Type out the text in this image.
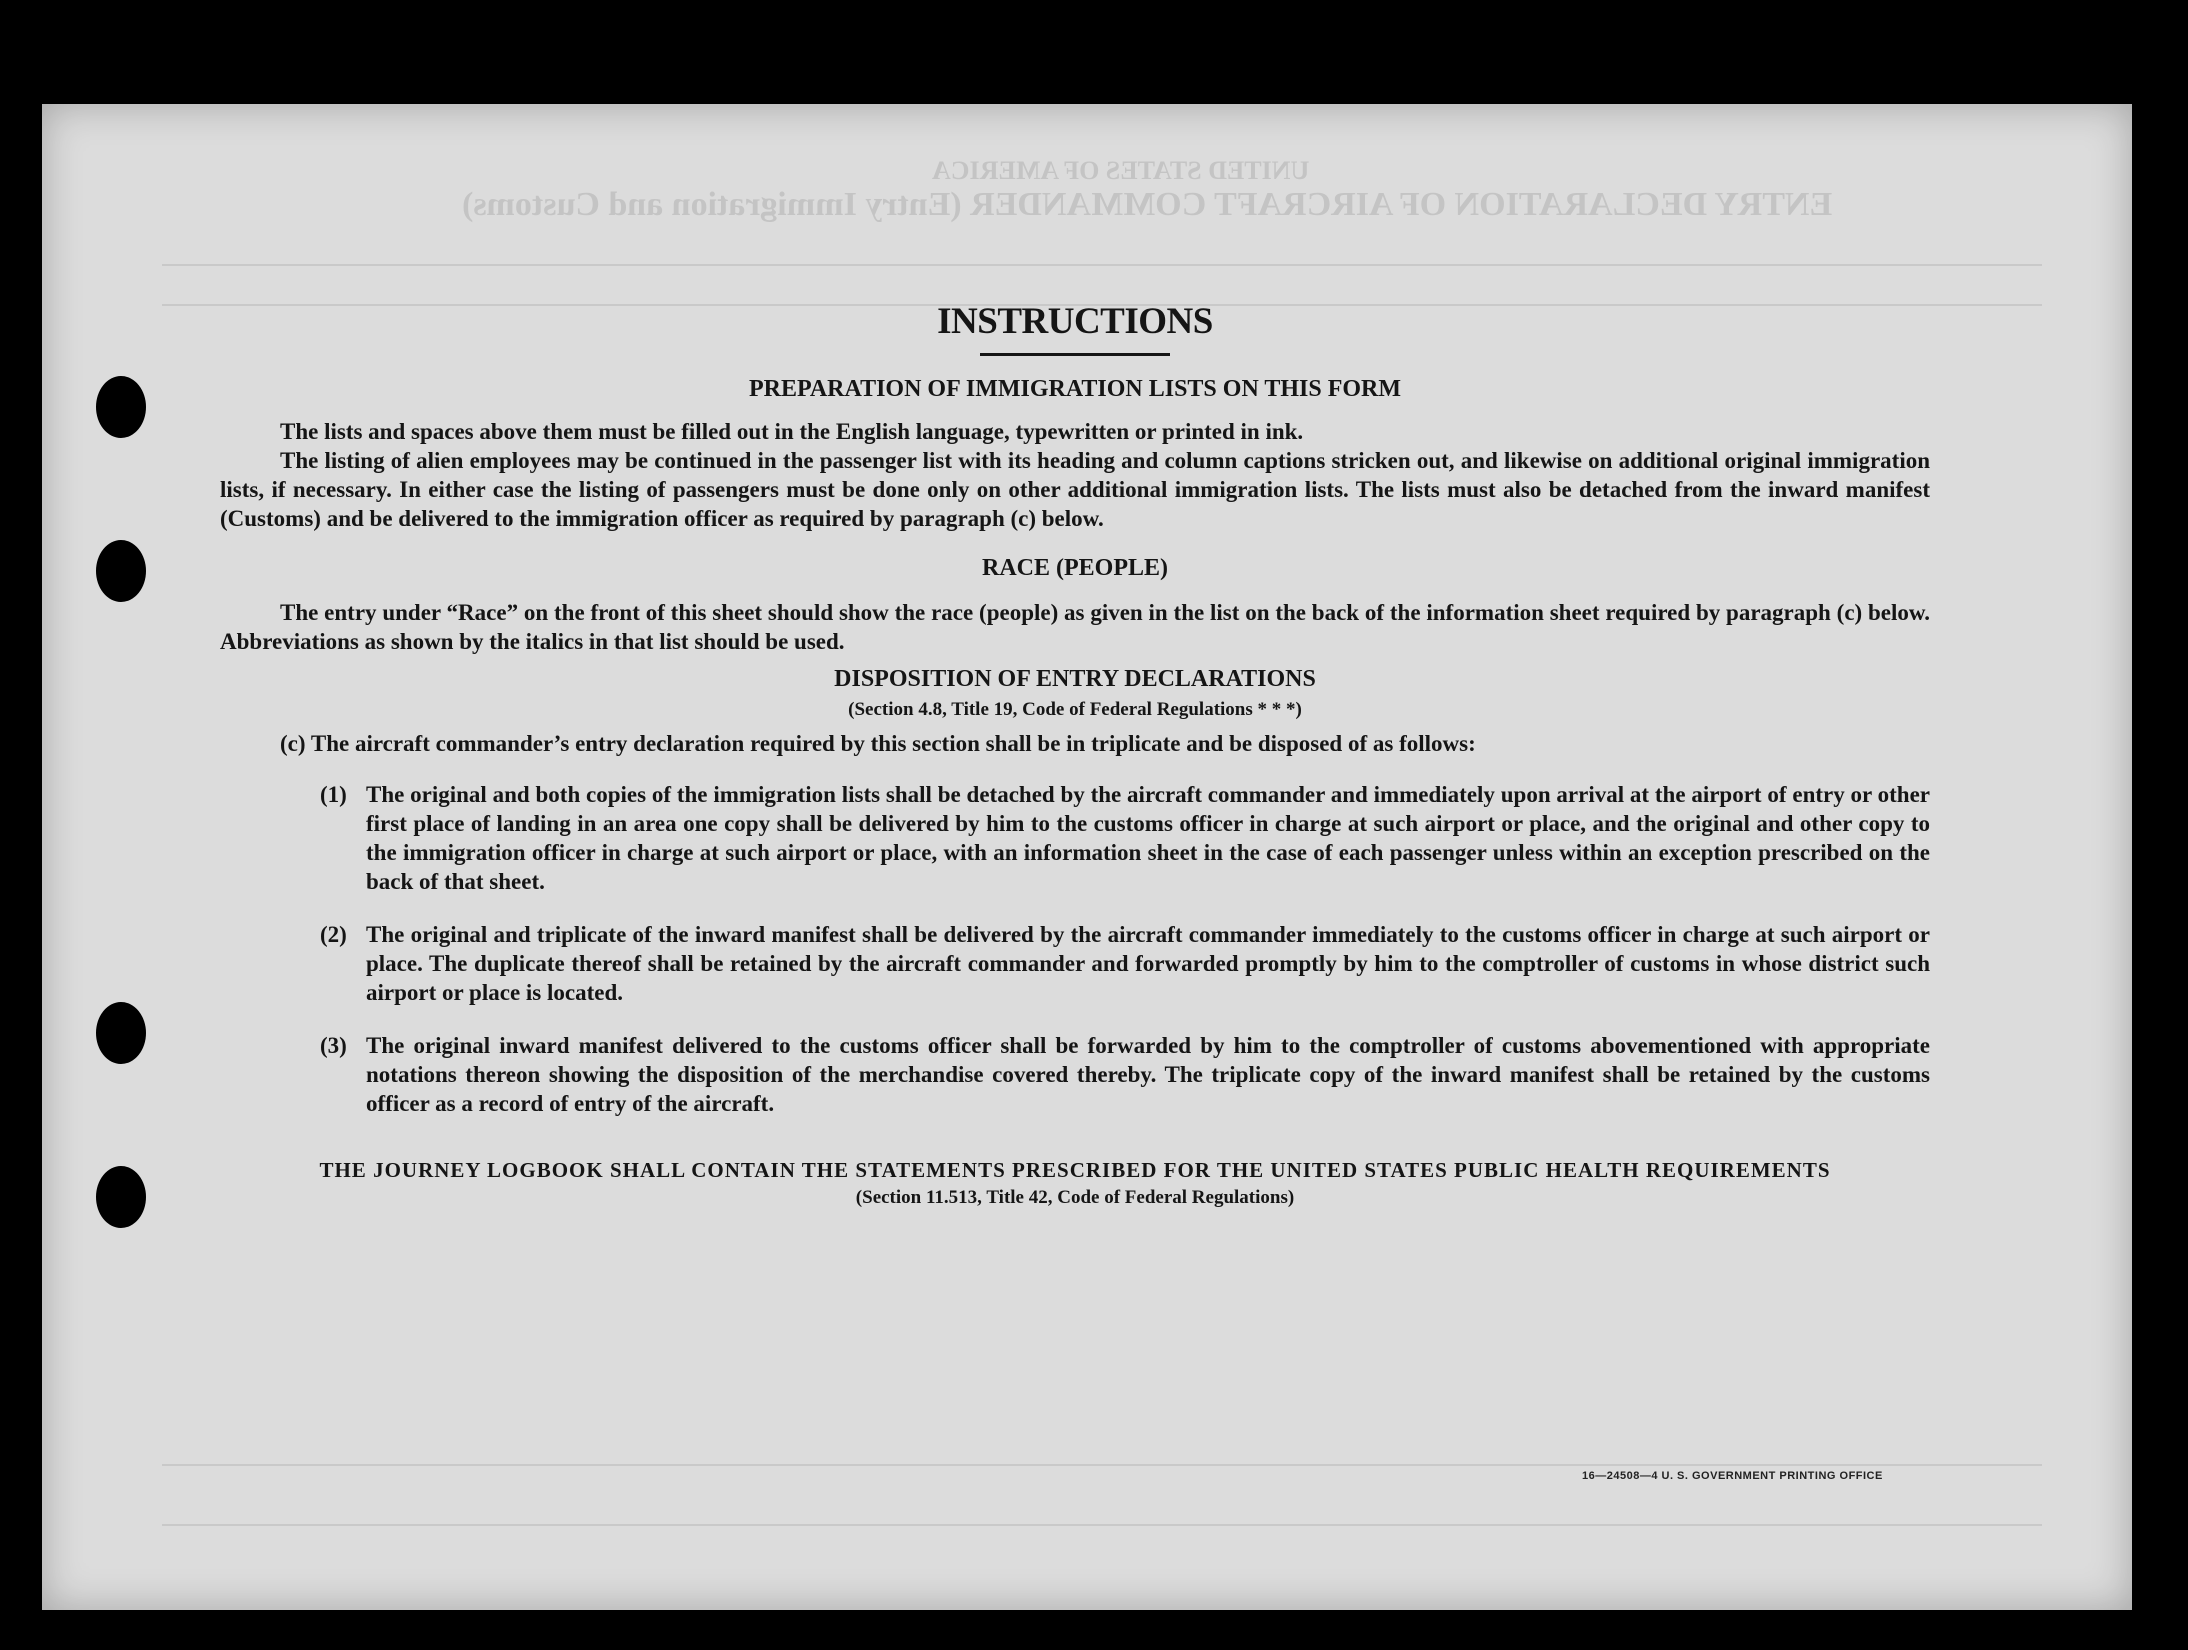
UNITED STATES OF AMERICA
ENTRY DECLARATION OF AIRCRAFT COMMANDER (Entry Immigration and Customs)
16—24508—4 U. S. GOVERNMENT PRINTING OFFICE
INSTRUCTIONS
PREPARATION OF IMMIGRATION LISTS ON THIS FORM

The lists and spaces above them must be filled out in the English language, typewritten or printed in ink.

The listing of alien employees may be continued in the passenger list with its heading and column captions stricken out, and likewise on additional original immigration lists, if necessary. In either case the listing of passengers must be done only on other additional immigration lists. The lists must also be detached from the inward manifest (Customs) and be delivered to the immigration officer as required by paragraph (c) below.

RACE (PEOPLE)

The entry under “Race” on the front of this sheet should show the race (people) as given in the list on the back of the information sheet required by paragraph (c) below. Abbreviations as shown by the italics in that list should be used.

DISPOSITION OF ENTRY DECLARATIONS
(Section 4.8, Title 19, Code of Federal Regulations * * *)

(c) The aircraft commander’s entry declaration required by this section shall be in triplicate and be disposed of as follows:

(1) The original and both copies of the immigration lists shall be detached by the aircraft commander and immediately upon arrival at the airport of entry or other first place of landing in an area one copy shall be delivered by him to the customs officer in charge at such airport or place, and the original and other copy to the immigration officer in charge at such airport or place, with an information sheet in the case of each passenger unless within an exception prescribed on the back of that sheet.
(2) The original and triplicate of the inward manifest shall be delivered by the aircraft commander immediately to the customs officer in charge at such airport or place. The duplicate thereof shall be retained by the aircraft commander and forwarded promptly by him to the comptroller of customs in whose district such airport or place is located.
(3) The original inward manifest delivered to the customs officer shall be forwarded by him to the comptroller of customs abovementioned with appropriate notations thereon showing the disposition of the merchandise covered thereby. The triplicate copy of the inward manifest shall be retained by the customs officer as a record of entry of the aircraft.
THE JOURNEY LOGBOOK SHALL CONTAIN THE STATEMENTS PRESCRIBED FOR THE UNITED STATES PUBLIC HEALTH REQUIREMENTS
(Section 11.513, Title 42, Code of Federal Regulations)
